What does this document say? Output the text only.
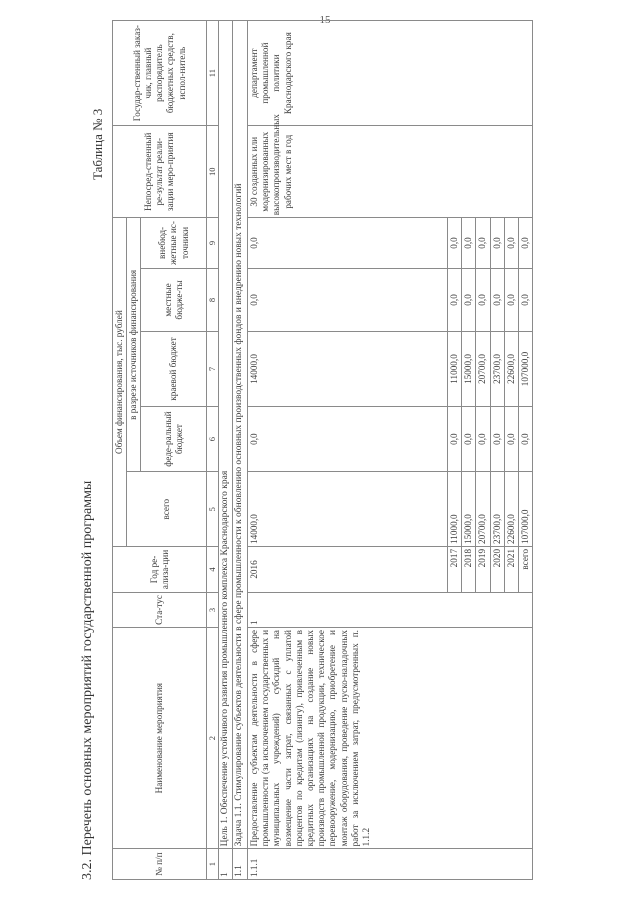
15
3.2. Перечень основных мероприятий государственной программы
Таблица № 3
№ п/п	Наименование мероприятия	Ста-тус	Год ре-ализа-ции	Объем финансирования, тыс. рублей					Непосред-ственный ре-зультат реали-зации меро-приятия	Государ-ственный заказ-чик, главный распорядитель бюджетных средств, испол-нитель
				всего	в разрезе источников финансирования					
					феде-ральный бюджет	краевой бюджет	местные бюдже-ты	внебюд-жетные ис-точники		
1	2	3	4	5	6	7	8	9	10	11
1	Цель 1. Обеспечение устойчивого развития промышленного комплекса Краснодарского края									
1.1	Задача 1.1. Стимулирование субъектов деятельности в сфере промышленности к обновлению основных производственных фондов и внедрению новых технологий									
1.1.1	Предоставление субъектам деятельности в сфере промышленности (за исключением государственных и муниципальных учреждений) субсидий на возмещение части затрат, связанных с уплатой процентов по кредитам (лизингу), привлеченным в кредитных организациях на создание новых производств промышленной продукции, техническое перевооружение, модернизацию, приобретение и монтаж оборудования, проведение пуско-наладочных работ за исключением затрат, предусмотренных п. 1.1.2	1	2016	14000,0	0,0	14000,0	0,0	0,0	30 созданных или модернизированных высокопроизводительных рабочих мест в год	департамент промышленной политики Краснодарского края
			2017	11000,0	0,0	11000,0	0,0	0,0		
			2018	15000,0	0,0	15000,0	0,0	0,0		
			2019	20700,0	0,0	20700,0	0,0	0,0		
			2020	23700,0	0,0	23700,0	0,0	0,0		
			2021	22600,0	0,0	22600,0	0,0	0,0		
			всего	107000,0	0,0	107000,0	0,0	0,0		
